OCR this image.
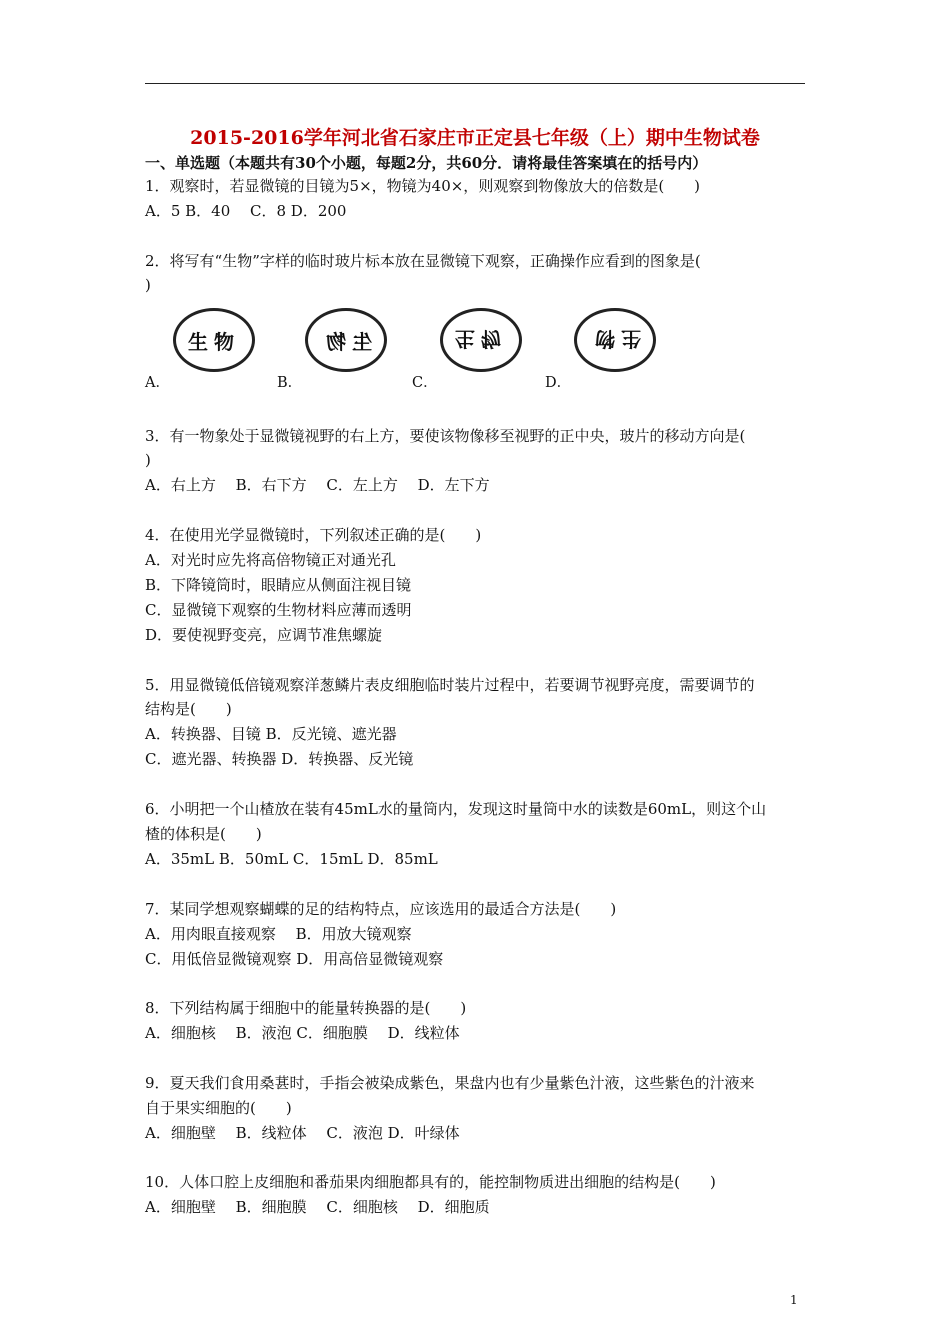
2015-2016学年河北省石家庄市正定县七年级（上）期中生物试卷
一、单选题（本题共有30个小题，每题2分，共60分．请将最佳答案填在的括号内）
1．观察时，若显微镜的目镜为5×，物镜为40×，则观察到物像放大的倍数是(　　)
A．5 B．40　 C．8 D．200
2．将写有“生物”字样的临时玻片标本放在显微镜下观察，正确操作应看到的图象是(
)
生物	生物	生物	生物
A．	B．	C．	D．
3．有一物象处于显微镜视野的右上方，要使该物像移至视野的正中央，玻片的移动方向是(
)
A．右上方　 B．右下方　 C．左上方　 D．左下方
4．在使用光学显微镜时，下列叙述正确的是(　　)
A．对光时应先将高倍物镜正对通光孔
B．下降镜筒时，眼睛应从侧面注视目镜
C．显微镜下观察的生物材料应薄而透明
D．要使视野变亮，应调节准焦螺旋
5．用显微镜低倍镜观察洋葱鳞片表皮细胞临时装片过程中，若要调节视野亮度，需要调节的
结构是(　　)
A．转换器、目镜 B．反光镜、遮光器
C．遮光器、转换器 D．转换器、反光镜
6．小明把一个山楂放在装有45mL水的量筒内，发现这时量筒中水的读数是60mL，则这个山
楂的体积是(　　)
A．35mL B．50mL C．15mL D．85mL
7．某同学想观察蝴蝶的足的结构特点，应该选用的最适合方法是(　　)
A．用肉眼直接观察　 B．用放大镜观察
C．用低倍显微镜观察 D．用高倍显微镜观察
8．下列结构属于细胞中的能量转换器的是(　　)
A．细胞核　 B．液泡 C．细胞膜　 D．线粒体
9．夏天我们食用桑葚时，手指会被染成紫色，果盘内也有少量紫色汁液，这些紫色的汁液来
自于果实细胞的(　　)
A．细胞壁　 B．线粒体　 C．液泡 D．叶绿体
10．人体口腔上皮细胞和番茄果肉细胞都具有的，能控制物质进出细胞的结构是(　　)
A．细胞壁　 B．细胞膜　 C．细胞核　 D．细胞质
1
